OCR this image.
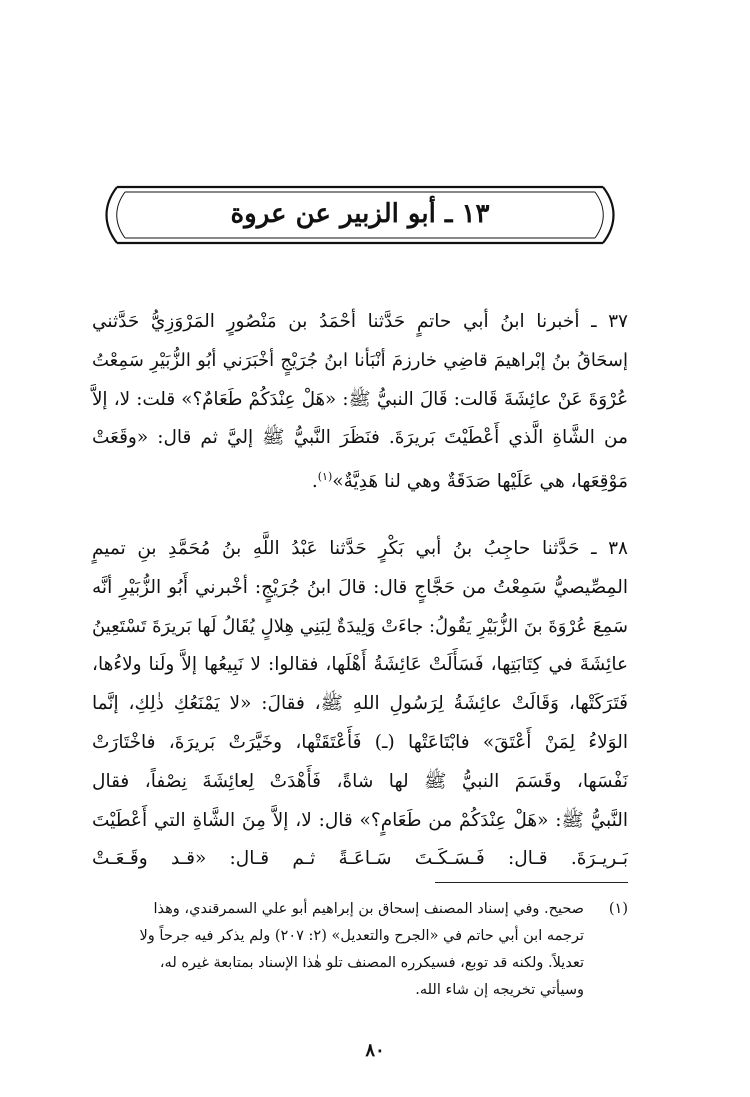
١٣ ـ أبو الزبير عن عروة
٣٧ ـ أخبرنا ابنُ أبي حاتمٍ حَدَّثنا أحْمَدُ بن مَنْصُورٍ المَرْوَزِيُّ حَدَّثني
إسحَاقُ بنُ إبْراهيمَ قاضِي خارزمَ أنْبَأنا ابنُ جُرَيْجٍ أخْبَرَني أبُو الزُّبَيْرِ سَمِعْتُ
عُرْوَةَ عَنْ عائِشَةَ قَالت: قَالَ النبيُّ ﷺ: «هَلْ عِنْدَكُمْ طَعَامٌ؟» قلت: لا، إلاَّ
من الشَّاةِ الَّذي أَعْطَيْتَ بَريرَةَ. فنَظَرَ النَّبيُّ ﷺ إليَّ ثم قال: «وقَعَتْ
مَوْقِعَها، هي عَلَيْها صَدَقَةٌ وهي لنا هَدِيَّةٌ»$^{(١)}$.
٣٨ ـ حَدَّثنا حاجِبُ بنُ أبي بَكْرٍ حَدَّثنا عَبْدُ اللَّهِ بنُ مُحَمَّدِ بنِ تميمٍ
المِصِّيصيُّ سَمِعْتُ من حَجَّاجٍ قال: قالَ ابنُ جُرَيْجٍ: أخْبرني أَبُو الزُّبَيْرِ أنَّه
سَمِعَ عُرْوَةَ بنَ الزُّبَيْرِ يَقُولُ: جاءَتْ وَلِيدَةٌ لِبَنِي هِلالٍ يُقَالُ لَها بَريرَةَ تَسْتَعِينُ
عائِشَةَ في كِتَابَتِها، فَسَأَلَتْ عَائِشَةُ أَهْلَها، فقالوا: لا نَبِيعُها إلاَّ ولَنا ولاءُها،
فَتَرَكَتْها، وَقَالَتْ عائِشَةُ لِرَسُولِ اللهِ ﷺ، فقالَ: «لا يَمْنَعُكِ ذٰلِكِ، إنَّما
الوَلاءُ لِمَنْ أَعْتَقَ» فابْتَاعَتْها (ـ) فَأَعْتَقَتْها، وخَيَّرَتْ بَريرَةَ، فاخْتَارَتْ
نَفْسَها، وقَسَمَ النبيُّ ﷺ لها شاةً، فَأَهْدَتْ لِعائِشَةَ نِصْفاً، فقال
النَّبيُّ ﷺ: «هَلْ عِنْدَكُمْ من طَعَامٍ؟» قال: لا، إلاَّ مِنَ الشَّاةِ التي أَعْطَيْتَ
بَـريـرَةَ. قـال: فَـسَـكَـتَ سَـاعَـةً ثـم قـال: «قـد وقَـعَـتْ
(١)
صحيح. وفي إسناد المصنف إسحاق بن إبراهيم أبو علي السمرقندي، وهذا
ترجمه ابن أبي حاتم في «الجرح والتعديل» (٢: ٢٠٧) ولم يذكر فيه جرحاً ولا
تعديلاً. ولكنه قد توبع، فسيكرره المصنف تلو هٰذا الإسناد بمتابعة غيره له،
وسيأتي تخريجه إن شاء الله.
٨٠
